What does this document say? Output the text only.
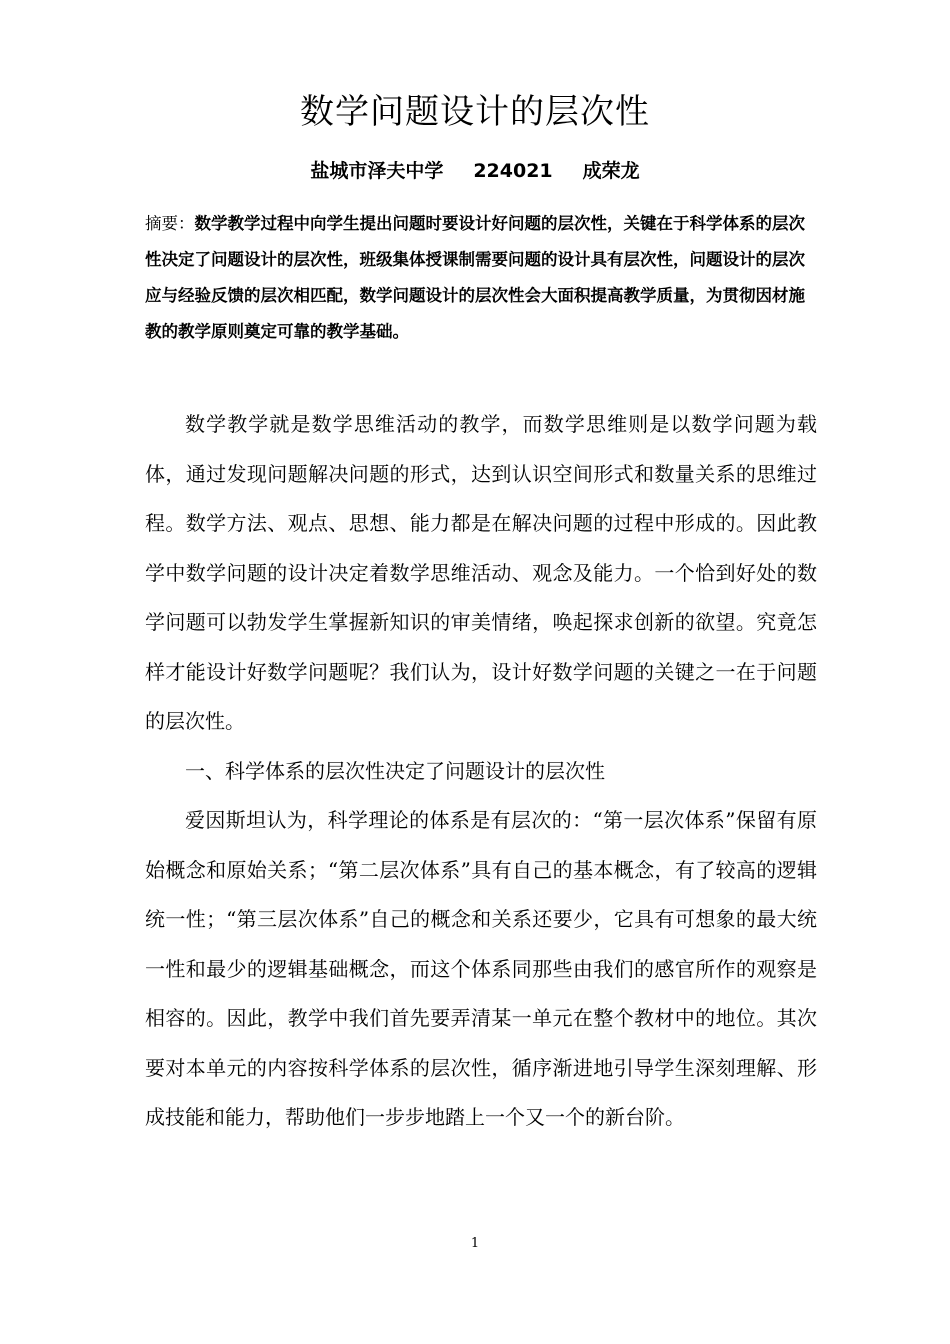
数学问题设计的层次性
盐城市泽夫中学 224021 成荣龙
摘要：数学教学过程中向学生提出问题时要设计好问题的层次性，关键在于科学体系的层次性决定了问题设计的层次性，班级集体授课制需要问题的设计具有层次性，问题设计的层次应与经验反馈的层次相匹配，数学问题设计的层次性会大面积提高教学质量，为贯彻因材施教的教学原则奠定可靠的教学基础。

数学教学就是数学思维活动的教学，而数学思维则是以数学问题为载体，通过发现问题解决问题的形式，达到认识空间形式和数量关系的思维过程。数学方法、观点、思想、能力都是在解决问题的过程中形成的。因此教学中数学问题的设计决定着数学思维活动、观念及能力。一个恰到好处的数学问题可以勃发学生掌握新知识的审美情绪，唤起探求创新的欲望。究竟怎样才能设计好数学问题呢？我们认为，设计好数学问题的关键之一在于问题的层次性。

一、科学体系的层次性决定了问题设计的层次性

爱因斯坦认为，科学理论的体系是有层次的：“第一层次体系”保留有原始概念和原始关系；“第二层次体系”具有自己的基本概念，有了较高的逻辑统一性；“第三层次体系”自己的概念和关系还要少，它具有可想象的最大统一性和最少的逻辑基础概念，而这个体系同那些由我们的感官所作的观察是相容的。因此，教学中我们首先要弄清某一单元在整个教材中的地位。其次要对本单元的内容按科学体系的层次性，循序渐进地引导学生深刻理解、形成技能和能力，帮助他们一步步地踏上一个又一个的新台阶。

1
